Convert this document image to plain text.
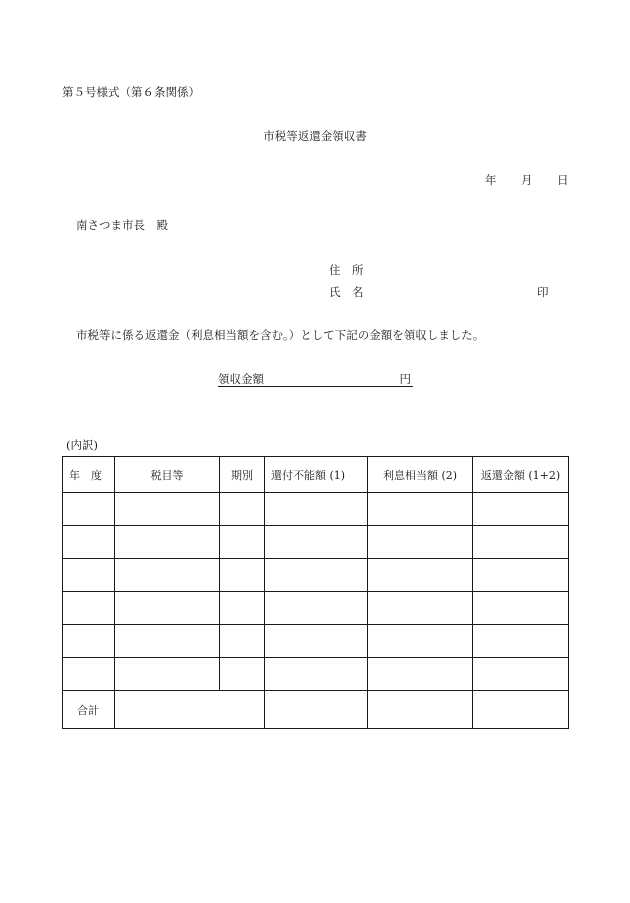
第５号様式（第６条関係）
市税等返還金領収書
年 月 日
南さつま市長　殿
住　所
氏　名	印
市税等に係る返還金（利息相当額を含む。）として下記の金額を領収しました。
領収金額	円
(内訳)
年　度	税目等	期別	還付不能額 (1)	利息相当額 (2)	返還金額 (1+2)

合計					
